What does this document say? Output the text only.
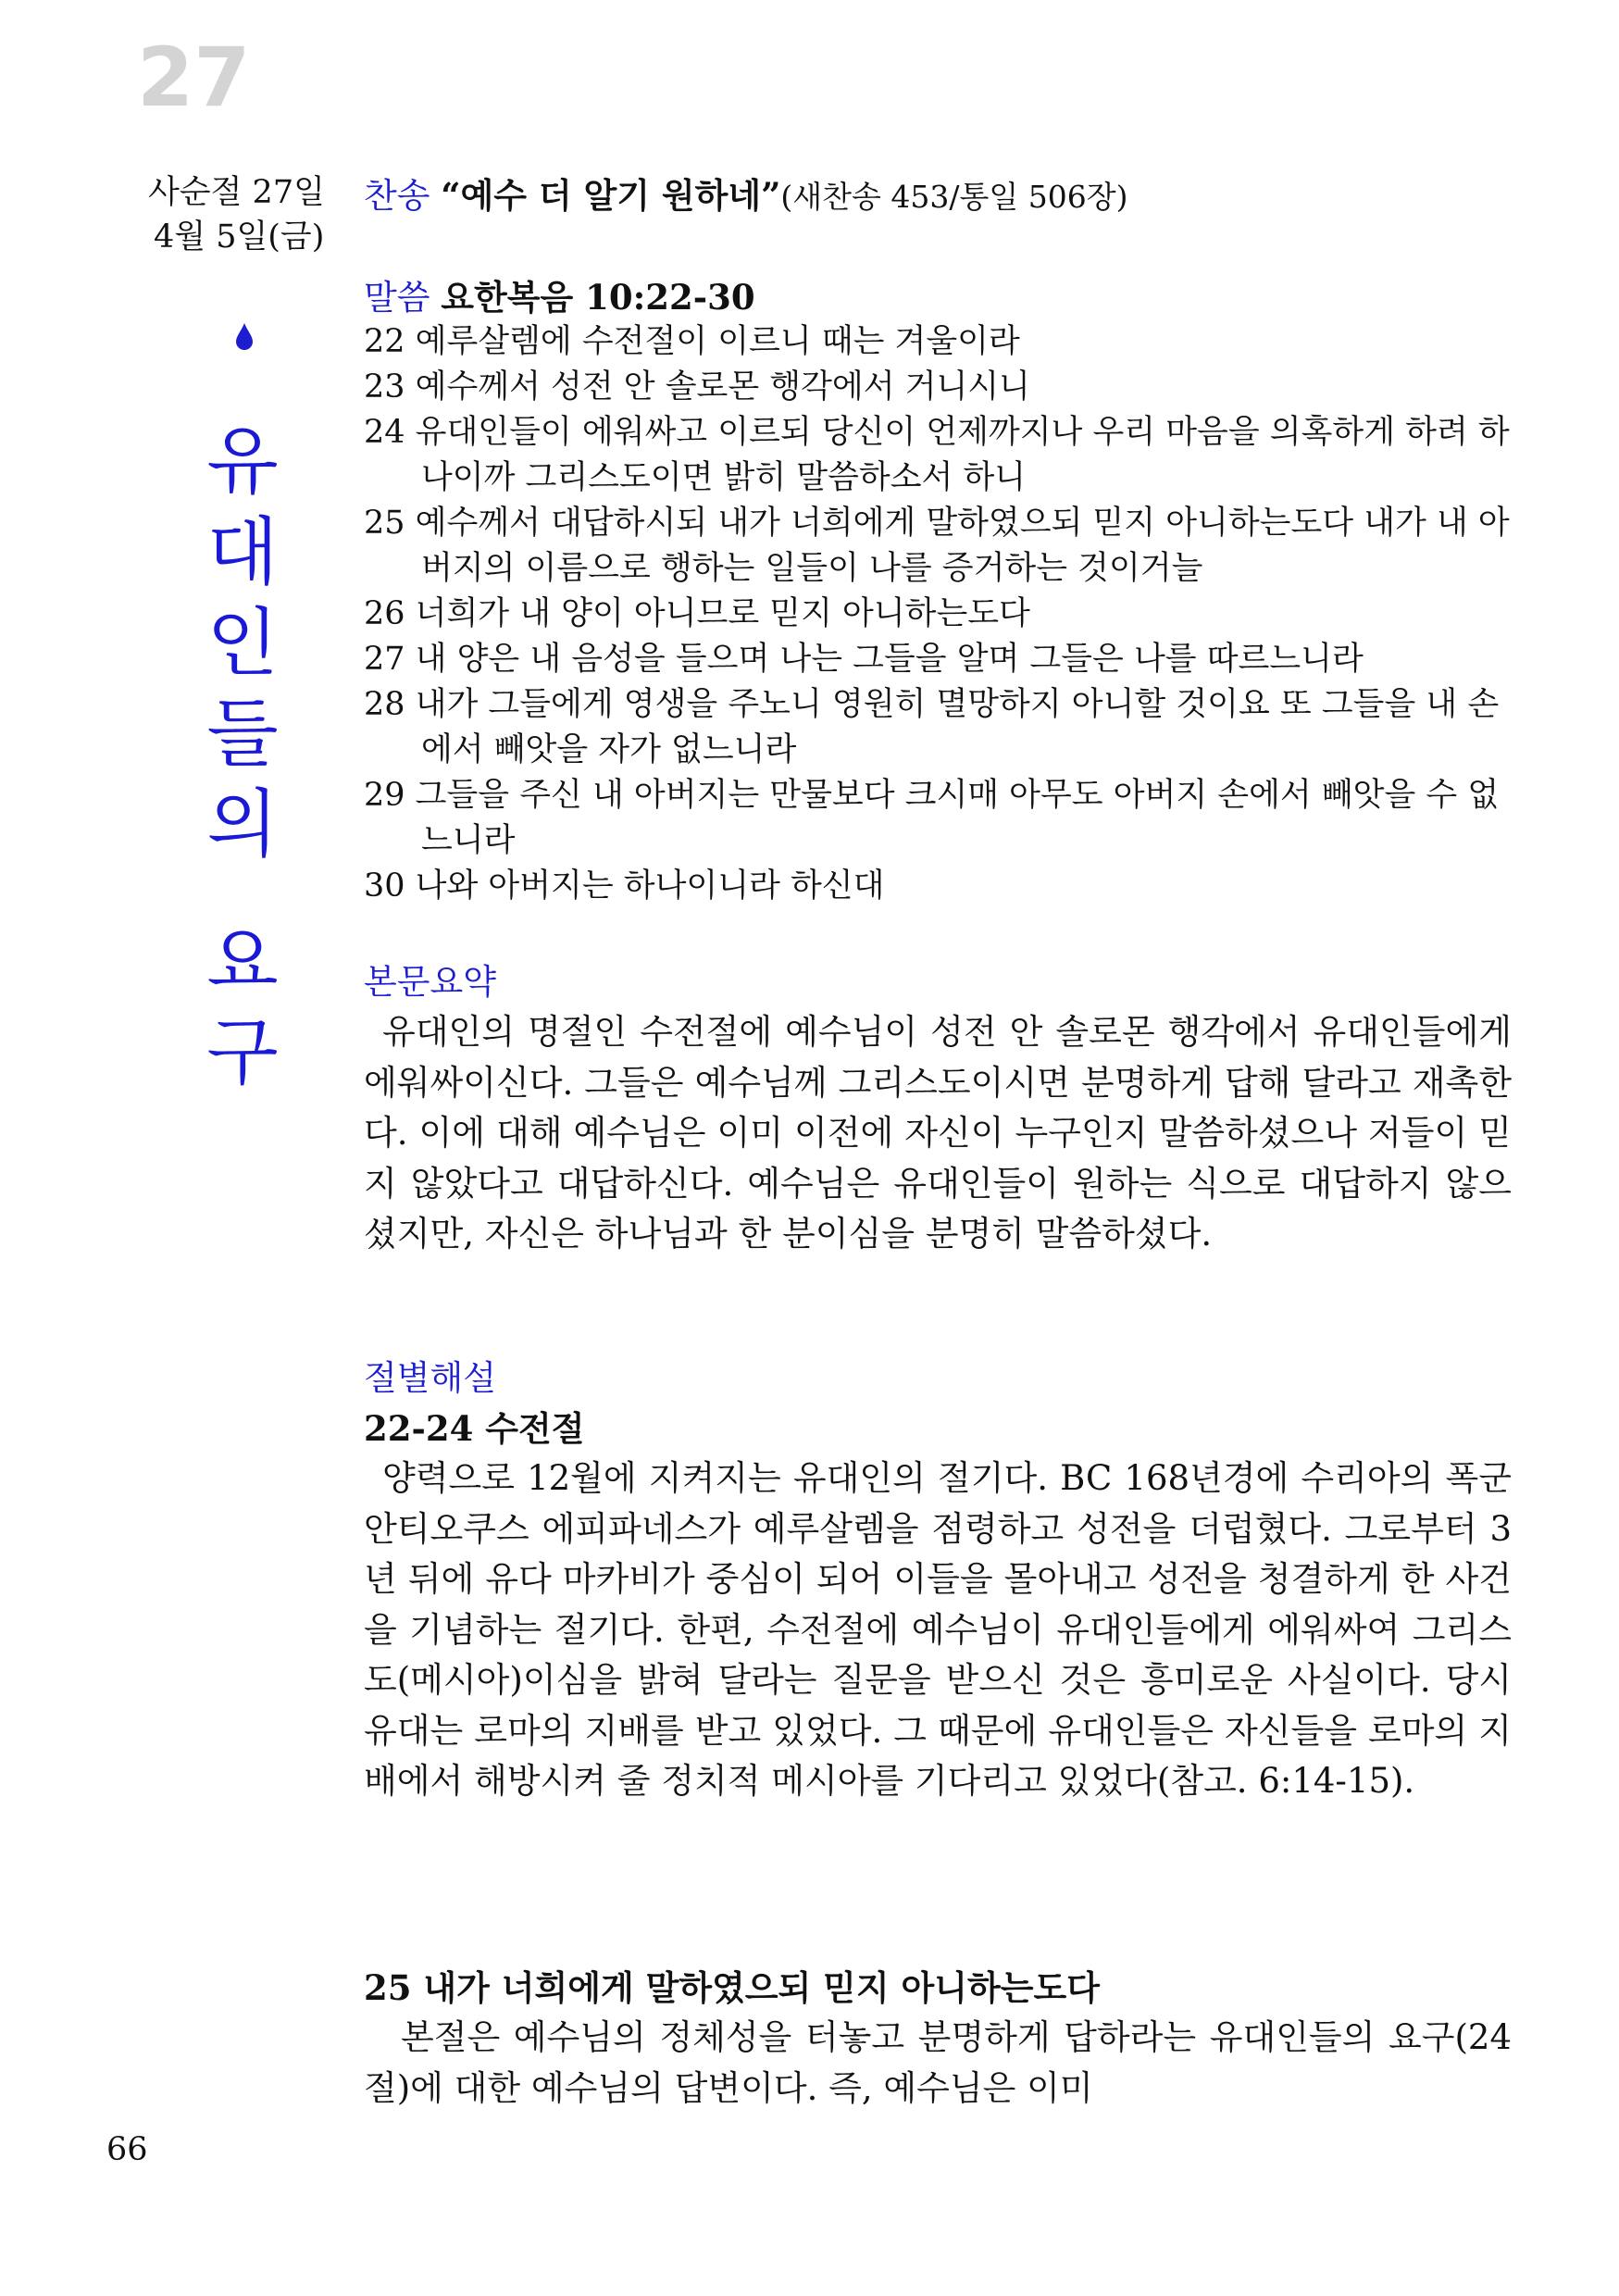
27
사순절 27일
4월 5일(금)
유
대
인
들
의
요
구
찬송 “예수 더 알기 원하네”(새찬송 453/통일 506장)
말씀 요한복음 10:22-30
22 예루살렘에 수전절이 이르니 때는 겨울이라
23 예수께서 성전 안 솔로몬 행각에서 거니시니
24 유대인들이 에워싸고 이르되 당신이 언제까지나 우리 마음을 의혹하게 하려 하나이까 그리스도이면 밝히 말씀하소서 하니
25 예수께서 대답하시되 내가 너희에게 말하였으되 믿지 아니하는도다 내가 내 아버지의 이름으로 행하는 일들이 나를 증거하는 것이거늘
26 너희가 내 양이 아니므로 믿지 아니하는도다
27 내 양은 내 음성을 들으며 나는 그들을 알며 그들은 나를 따르느니라
28 내가 그들에게 영생을 주노니 영원히 멸망하지 아니할 것이요 또 그들을 내 손에서 빼앗을 자가 없느니라
29 그들을 주신 내 아버지는 만물보다 크시매 아무도 아버지 손에서 빼앗을 수 없느니라
30 나와 아버지는 하나이니라 하신대
본문요약
유대인의 명절인 수전절에 예수님이 성전 안 솔로몬 행각에서 유대인들에게 에워싸이신다. 그들은 예수님께 그리스도이시면 분명하게 답해 달라고 재촉한다. 이에 대해 예수님은 이미 이전에 자신이 누구인지 말씀하셨으나 저들이 믿지 않았다고 대답하신다. 예수님은 유대인들이 원하는 식으로 대답하지 않으셨지만, 자신은 하나님과 한 분이심을 분명히 말씀하셨다.
절별해설
22-24 수전절
양력으로 12월에 지켜지는 유대인의 절기다. BC 168년경에 수리아의 폭군 안티오쿠스 에피파네스가 예루살렘을 점령하고 성전을 더럽혔다. 그로부터 3년 뒤에 유다 마카비가 중심이 되어 이들을 몰아내고 성전을 청결하게 한 사건을 기념하는 절기다. 한편, 수전절에 예수님이 유대인들에게 에워싸여 그리스도(메시아)이심을 밝혀 달라는 질문을 받으신 것은 흥미로운 사실이다. 당시 유대는 로마의 지배를 받고 있었다. 그 때문에 유대인들은 자신들을 로마의 지배에서 해방시켜 줄 정치적 메시아를 기다리고 있었다(참고. 6:14-15).
25 내가 너희에게 말하였으되 믿지 아니하는도다
본절은 예수님의 정체성을 터놓고 분명하게 답하라는 유대인들의 요구(24절)에 대한 예수님의 답변이다. 즉, 예수님은 이미
66
